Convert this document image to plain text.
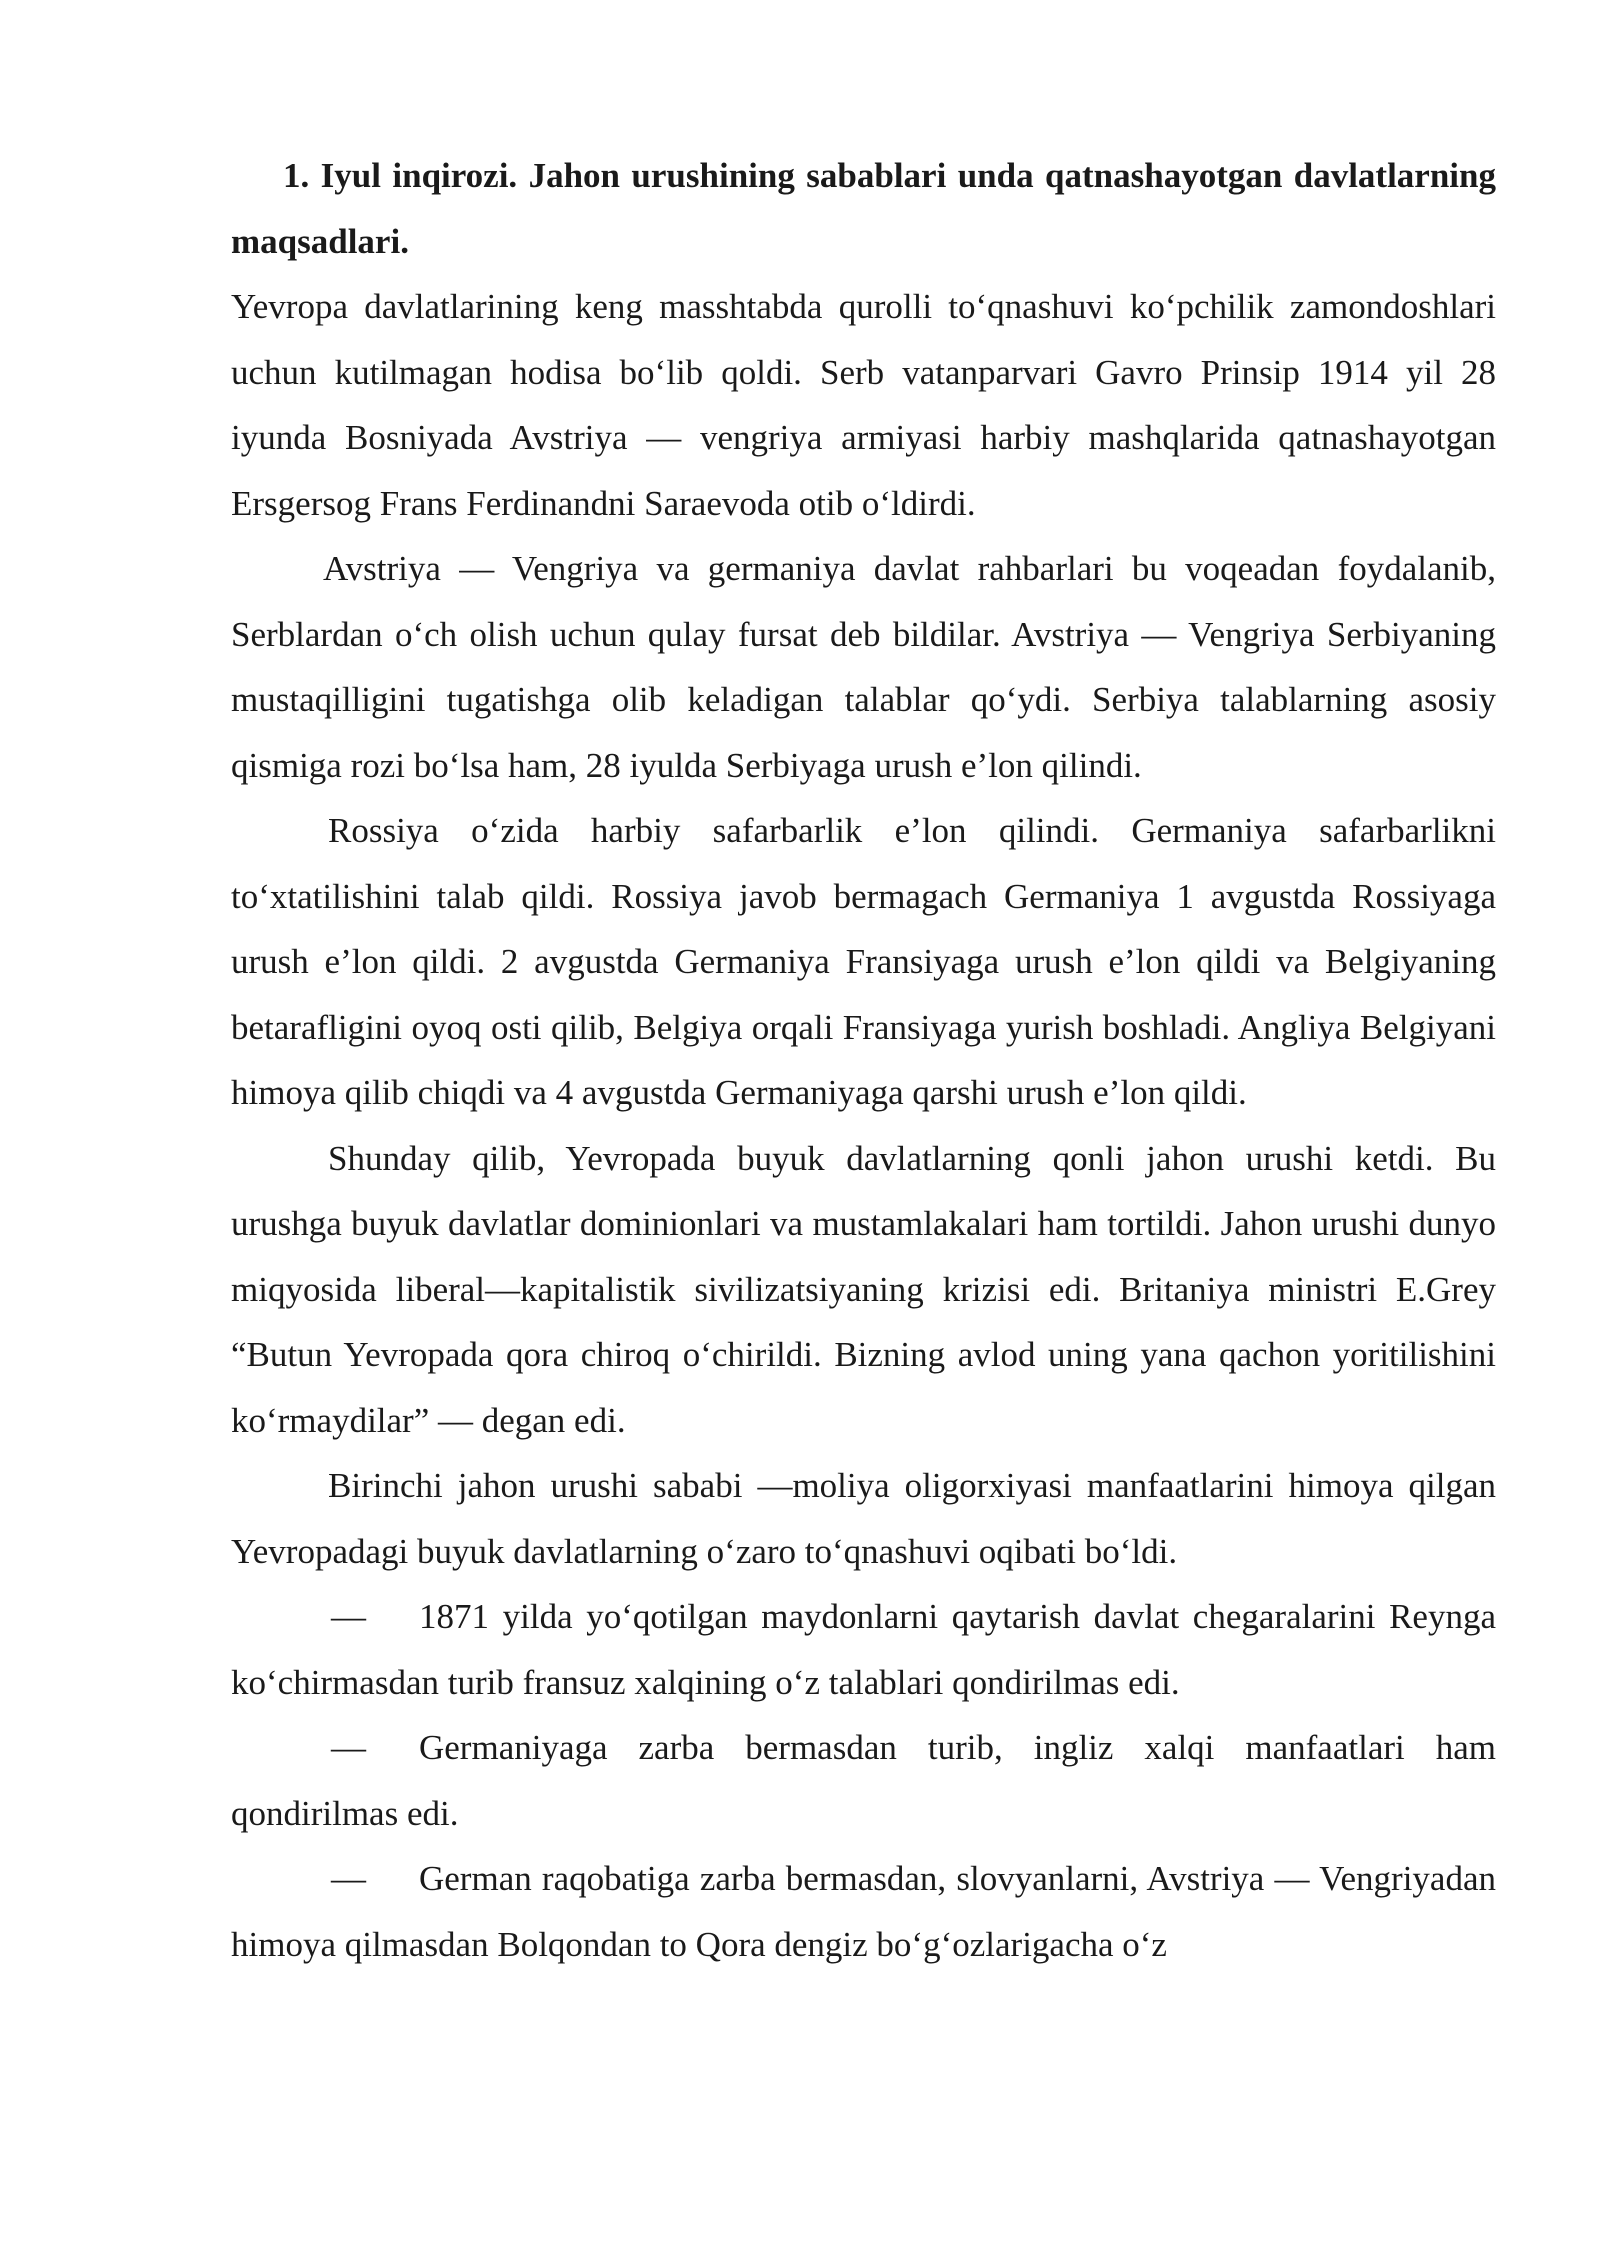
1. Iyul inqirozi. Jahon urushining sabablari unda qatnashayotgan davlatlarning maqsadlari.

Yevropa davlatlarining keng masshtabda qurolli to‘qnashuvi ko‘pchilik zamondoshlari uchun kutilmagan hodisa bo‘lib qoldi. Serb vatanparvari Gavro Prinsip 1914 yil 28 iyunda Bosniyada Avstriya — vengriya armiyasi harbiy mashqlarida qatnashayotgan Ersgersog Frans Ferdinandni Saraevoda otib o‘ldirdi.

Avstriya — Vengriya va germaniya davlat rahbarlari bu voqeadan foydalanib, Serblardan o‘ch olish uchun qulay fursat deb bildilar. Avstriya — Vengriya Serbiyaning mustaqilligini tugatishga olib keladigan talablar qo‘ydi. Serbiya talablarning asosiy qismiga rozi bo‘lsa ham, 28 iyulda Serbiyaga urush e’lon qilindi.

Rossiya o‘zida harbiy safarbarlik e’lon qilindi. Germaniya safarbarlikni to‘xtatilishini talab qildi. Rossiya javob bermagach Germaniya 1 avgustda Rossiyaga urush e’lon qildi. 2 avgustda Germaniya Fransiyaga urush e’lon qildi va Belgiyaning betarafligini oyoq osti qilib, Belgiya orqali Fransiyaga yurish boshladi. Angliya Belgiyani himoya qilib chiqdi va 4 avgustda Germaniyaga qarshi urush e’lon qildi.

Shunday qilib, Yevropada buyuk davlatlarning qonli jahon urushi ketdi. Bu urushga buyuk davlatlar dominionlari va mustamlakalari ham tortildi. Jahon urushi dunyo miqyosida liberal—kapitalistik sivilizatsiyaning krizisi edi. Britaniya ministri E.Grey “Butun Yevropada qora chiroq o‘chirildi. Bizning avlod uning yana qachon yoritilishini ko‘rmaydilar” — degan edi.

Birinchi jahon urushi sababi —moliya oligorxiyasi manfaatlarini himoya qilgan Yevropadagi buyuk davlatlarning o‘zaro to‘qnashuvi oqibati bo‘ldi.

— 1871 yilda yo‘qotilgan maydonlarni qaytarish davlat chegaralarini Reynga ko‘chirmasdan turib fransuz xalqining o‘z talablari qondirilmas edi.

— Germaniyaga zarba bermasdan turib, ingliz xalqi manfaatlari ham qondirilmas edi.

— German raqobatiga zarba bermasdan, slovyanlarni, Avstriya — Vengriyadan himoya qilmasdan Bolqondan to Qora dengiz bo‘g‘ozlarigacha o‘z
